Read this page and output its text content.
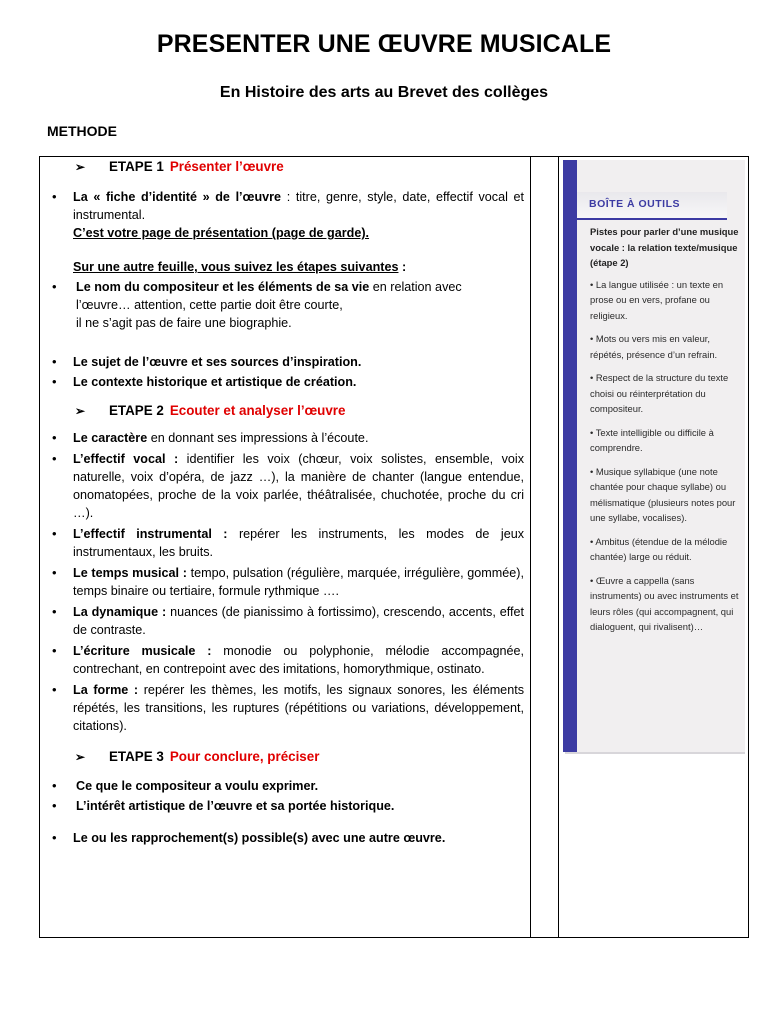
PRESENTER UNE ŒUVRE MUSICALE
En Histoire des arts au Brevet des collèges
METHODE
➢	ETAPE 1 Présenter l’œuvre
•	La « fiche d’identité » de l’œuvre : titre, genre, style, date, effectif vocal et instrumental.
C’est votre page de présentation (page de garde).
Sur une autre feuille, vous suivez les étapes suivantes :
•	Le nom du compositeur et les éléments de sa vie en relation avec
l’œuvre… attention, cette partie doit être courte,
il ne s’agit pas de faire une biographie.
•	Le sujet de l’œuvre et ses sources d’inspiration.
•	Le contexte historique et artistique de création.
➢	ETAPE 2 Ecouter et analyser l’œuvre
•	Le caractère en donnant ses impressions à l’écoute.
•	L’effectif vocal : identifier les voix (chœur, voix solistes, ensemble, voix naturelle, voix d’opéra, de jazz …), la manière de chanter (langue entendue, onomatopées, proche de la voix parlée, théâtralisée, chuchotée, proche du cri …).
•	L’effectif instrumental : repérer les instruments, les modes de jeux instrumentaux, les bruits.
•	Le temps musical : tempo, pulsation (régulière, marquée, irrégulière, gommée), temps binaire ou tertiaire, formule rythmique ….
•	La dynamique : nuances (de pianissimo à fortissimo), crescendo, accents, effet de contraste.
•	L’écriture musicale : monodie ou polyphonie, mélodie accompagnée, contrechant, en contrepoint avec des imitations, homorythmique, ostinato.
•	La forme : repérer les thèmes, les motifs, les signaux sonores, les éléments répétés, les transitions, les ruptures (répétitions ou variations, développement, citations).
➢	ETAPE 3 Pour conclure, préciser
•	Ce que le compositeur a voulu exprimer.
•	L’intérêt artistique de l’œuvre et sa portée historique.
•	Le ou les rapprochement(s) possible(s) avec une autre œuvre.
BOÎTE À OUTILS
Pistes pour parler d’une musique vocale : la relation texte/musique (étape 2)

• La langue utilisée : un texte en prose ou en vers, profane ou religieux.

• Mots ou vers mis en valeur, répétés, présence d’un refrain.

• Respect de la structure du texte choisi ou réinterprétation du compositeur.

• Texte intelligible ou difficile à comprendre.

• Musique syllabique (une note chantée pour chaque syllabe) ou mélismatique (plusieurs notes pour une syllabe, vocalises).

• Ambitus (étendue de la mélodie chantée) large ou réduit.

• Œuvre a cappella (sans instruments) ou avec instruments et leurs rôles (qui accompagnent, qui dialoguent, qui rivalisent)…
